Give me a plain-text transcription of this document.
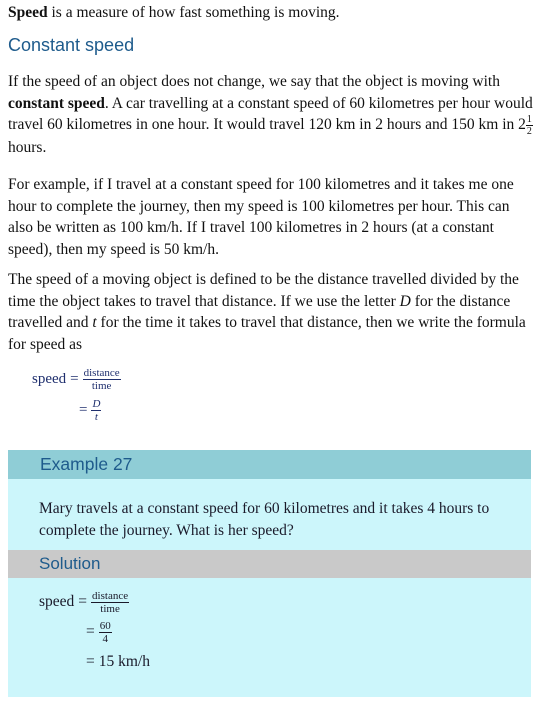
Speed is a measure of how fast something is moving.

Constant speed

If the speed of an object does not change, we say that the object is moving with constant speed. A car travelling at a constant speed of 60 kilometres per hour would travel 60 kilometres in one hour. It would travel 120 km in 2 hours and 150 km in $2 \frac{1}{2}$
hours.

For example, if I travel at a constant speed for 100 kilometres and it takes me one hour to complete the journey, then my speed is 100 kilometres per hour. This can also be written as 100 km/h. If I travel 100 kilometres in 2 hours (at a constant speed), then my speed is 50 km/h.

The speed of a moving object is defined to be the distance travelled divided by the time the object takes to travel that distance. If we use the letter D for the distance travelled and t for the time it takes to travel that distance, then we write the formula for speed as

speed = $\frac{\text{distance}}{\text{time}}$
= $\frac{D}{t}$
Example 27

Mary travels at a constant speed for 60 kilometres and it takes 4 hours to complete the journey. What is her speed?

Solution
speed = $\frac{\text{distance}}{\text{time}}$
= $\frac{60}{4}$
= 15 km/h
